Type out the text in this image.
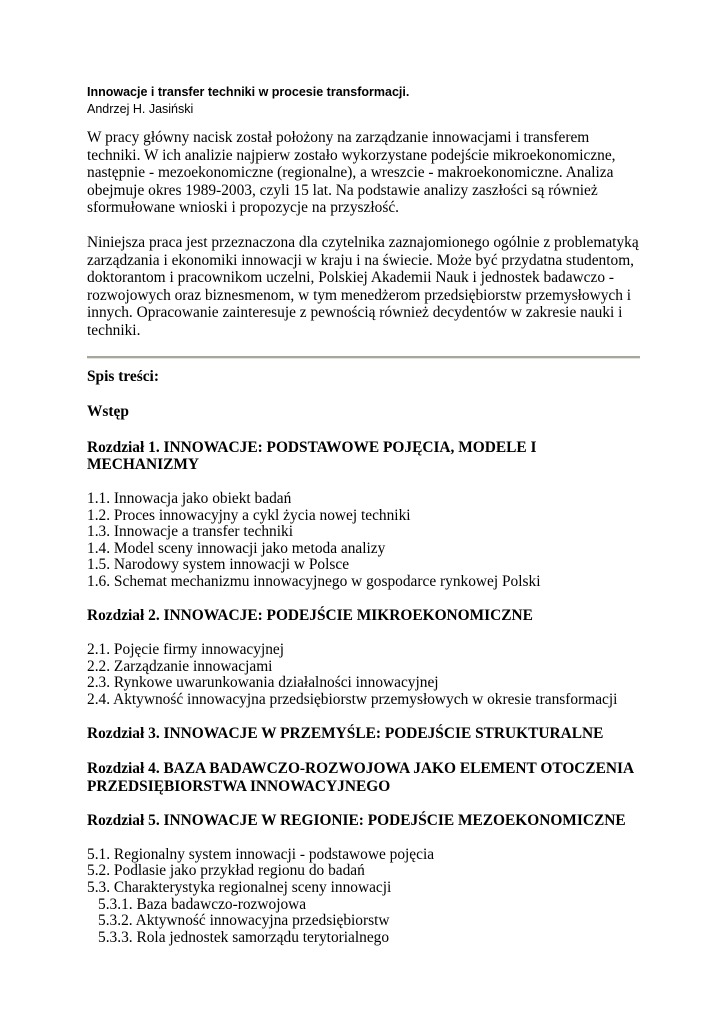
Innowacje i transfer techniki w procesie transformacji.

Andrzej H. Jasiński

W pracy główny nacisk został położony na zarządzanie innowacjami i transferem techniki. W ich analizie najpierw zostało wykorzystane podejście mikroekonomiczne, następnie - mezoekonomiczne (regionalne), a wreszcie - makroekonomiczne. Analiza obejmuje okres 1989-2003, czyli 15 lat. Na podstawie analizy zaszłości są również sformułowane wnioski i propozycje na przyszłość.

Niniejsza praca jest przeznaczona dla czytelnika zaznajomionego ogólnie z problematyką zarządzania i ekonomiki innowacji w kraju i na świecie. Może być przydatna studentom, doktorantom i pracownikom uczelni, Polskiej Akademii Nauk i jednostek badawczo - rozwojowych oraz biznesmenom, w tym menedżerom przedsiębiorstw przemysłowych i innych. Opracowanie zainteresuje z pewnością również decydentów w zakresie nauki i techniki.

Spis treści:

Wstęp

Rozdział 1. INNOWACJE: PODSTAWOWE POJĘCIA, MODELE I MECHANIZMY

1.1. Innowacja jako obiekt badań
1.2. Proces innowacyjny a cykl życia nowej techniki
1.3. Innowacje a transfer techniki
1.4. Model sceny innowacji jako metoda analizy
1.5. Narodowy system innowacji w Polsce
1.6. Schemat mechanizmu innowacyjnego w gospodarce rynkowej Polski

Rozdział 2. INNOWACJE: PODEJŚCIE MIKROEKONOMICZNE

2.1. Pojęcie firmy innowacyjnej
2.2. Zarządzanie innowacjami
2.3. Rynkowe uwarunkowania działalności innowacyjnej
2.4. Aktywność innowacyjna przedsiębiorstw przemysłowych w okresie transformacji

Rozdział 3. INNOWACJE W PRZEMYŚLE: PODEJŚCIE STRUKTURALNE

Rozdział 4. BAZA BADAWCZO-ROZWOJOWA JAKO ELEMENT OTOCZENIA PRZEDSIĘBIORSTWA INNOWACYJNEGO

Rozdział 5. INNOWACJE W REGIONIE: PODEJŚCIE MEZOEKONOMICZNE

5.1. Regionalny system innowacji - podstawowe pojęcia
5.2. Podlasie jako przykład regionu do badań
5.3. Charakterystyka regionalnej sceny innowacji
5.3.1. Baza badawczo-rozwojowa
5.3.2. Aktywność innowacyjna przedsiębiorstw
5.3.3. Rola jednostek samorządu terytorialnego
